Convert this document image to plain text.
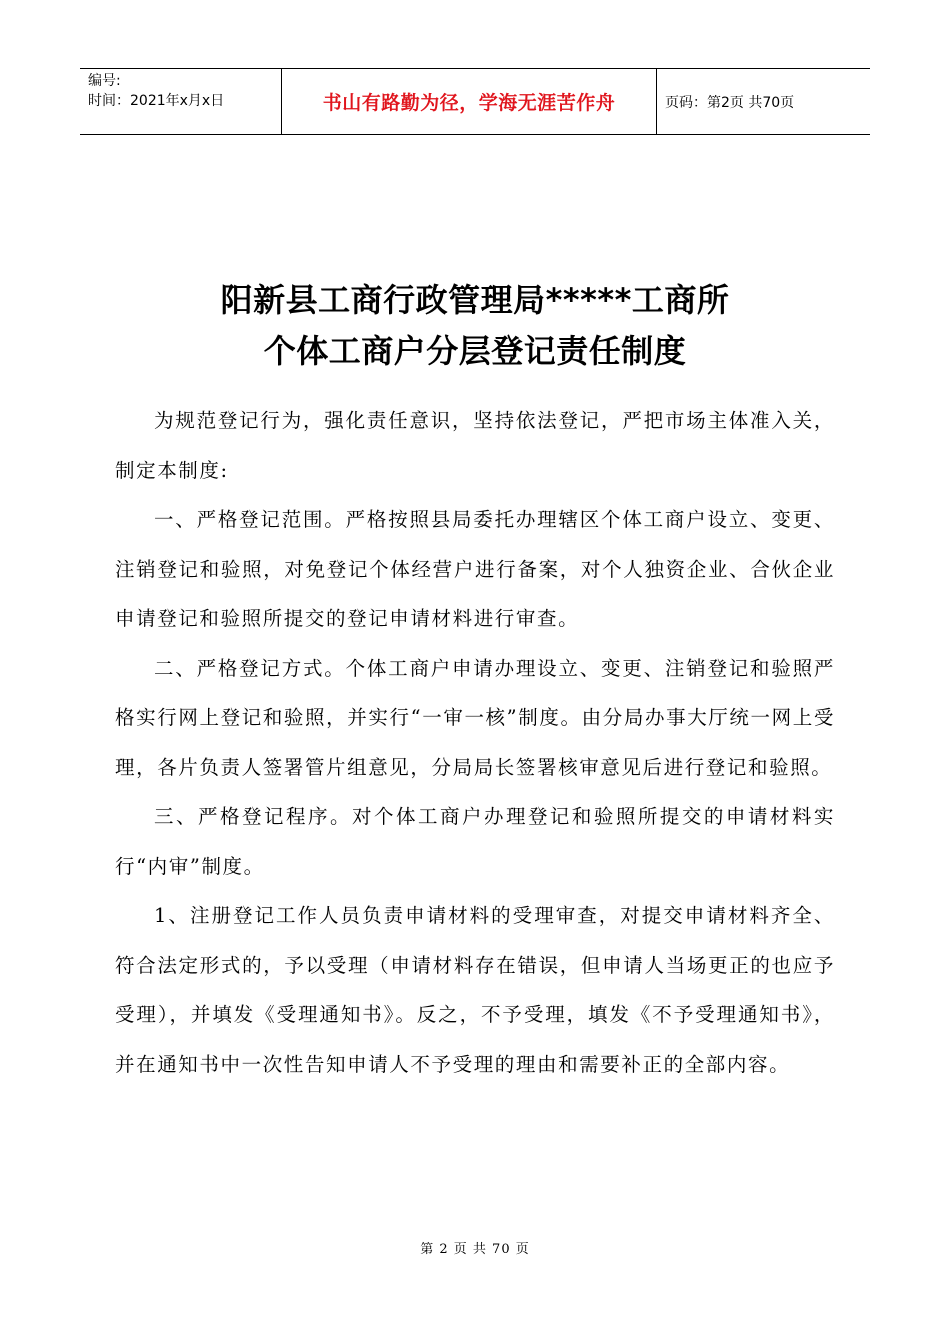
编号:
时间：2021年x月x日	书山有路勤为径，学海无涯苦作舟	页码：第2页 共70页
阳新县工商行政管理局*****工商所
个体工商户分层登记责任制度

为规范登记行为，强化责任意识，坚持依法登记，严把市场主体准入关，制定本制度:

一、严格登记范围。严格按照县局委托办理辖区个体工商户设立、变更、注销登记和验照，对免登记个体经营户进行备案，对个人独资企业、合伙企业申请登记和验照所提交的登记申请材料进行审查。

二、严格登记方式。个体工商户申请办理设立、变更、注销登记和验照严格实行网上登记和验照，并实行“一审一核”制度。由分局办事大厅统一网上受理，各片负责人签署管片组意见，分局局长签署核审意见后进行登记和验照。

三、严格登记程序。对个体工商户办理登记和验照所提交的申请材料实行“内审”制度。

1、注册登记工作人员负责申请材料的受理审查，对提交申请材料齐全、符合法定形式的，予以受理（申请材料存在错误，但申请人当场更正的也应予受理），并填发《受理通知书》。反之，不予受理，填发《不予受理通知书》，并在通知书中一次性告知申请人不予受理的理由和需要补正的全部内容。

第 2 页 共 70 页
